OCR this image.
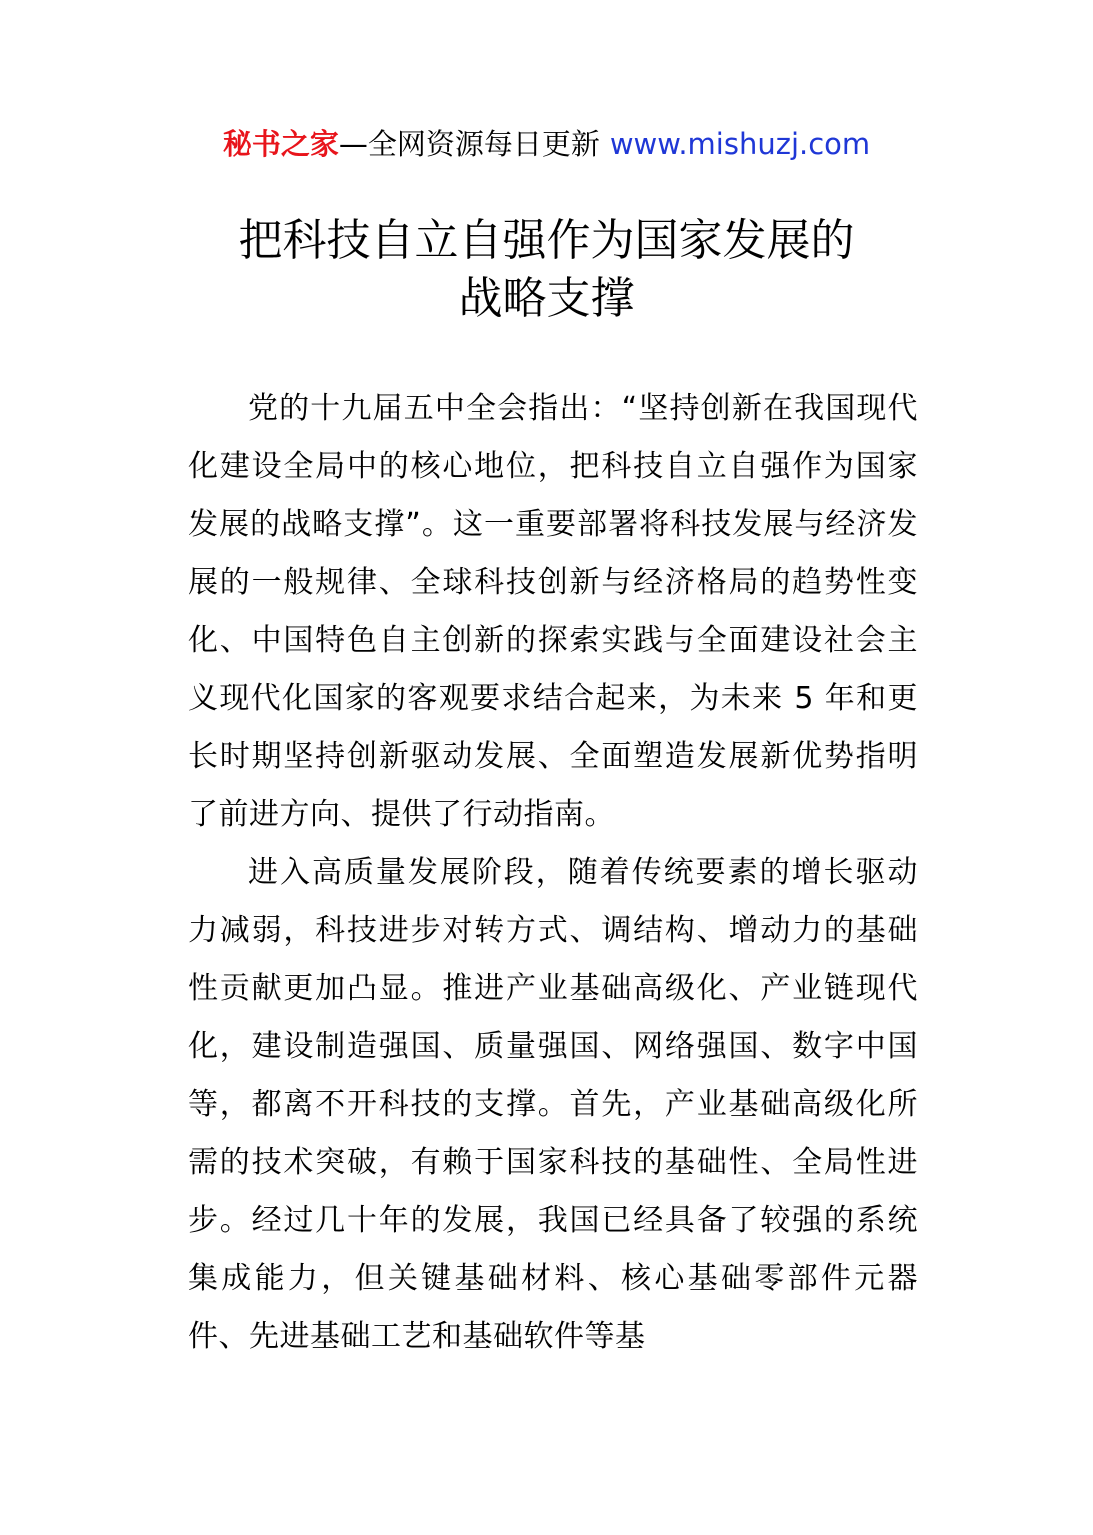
秘书之家—全网资源每日更新 www.mishuzj.com
把科技自立自强作为国家发展的
战略支撑

党的十九届五中全会指出：“坚持创新在我国现代化建设全局中的核心地位，把科技自立自强作为国家发展的战略支撑”。这一重要部署将科技发展与经济发展的一般规律、全球科技创新与经济格局的趋势性变化、中国特色自主创新的探索实践与全面建设社会主义现代化国家的客观要求结合起来，为未来 5 年和更长时期坚持创新驱动发展、全面塑造发展新优势指明了前进方向、提供了行动指南。

进入高质量发展阶段，随着传统要素的增长驱动力减弱，科技进步对转方式、调结构、增动力的基础性贡献更加凸显。推进产业基础高级化、产业链现代化，建设制造强国、质量强国、网络强国、数字中国等，都离不开科技的支撑。首先，产业基础高级化所需的技术突破，有赖于国家科技的基础性、全局性进步。经过几十年的发展，我国已经具备了较强的系统集成能力，但关键基础材料、核心基础零部件元器件、先进基础工艺和基础软件等基
